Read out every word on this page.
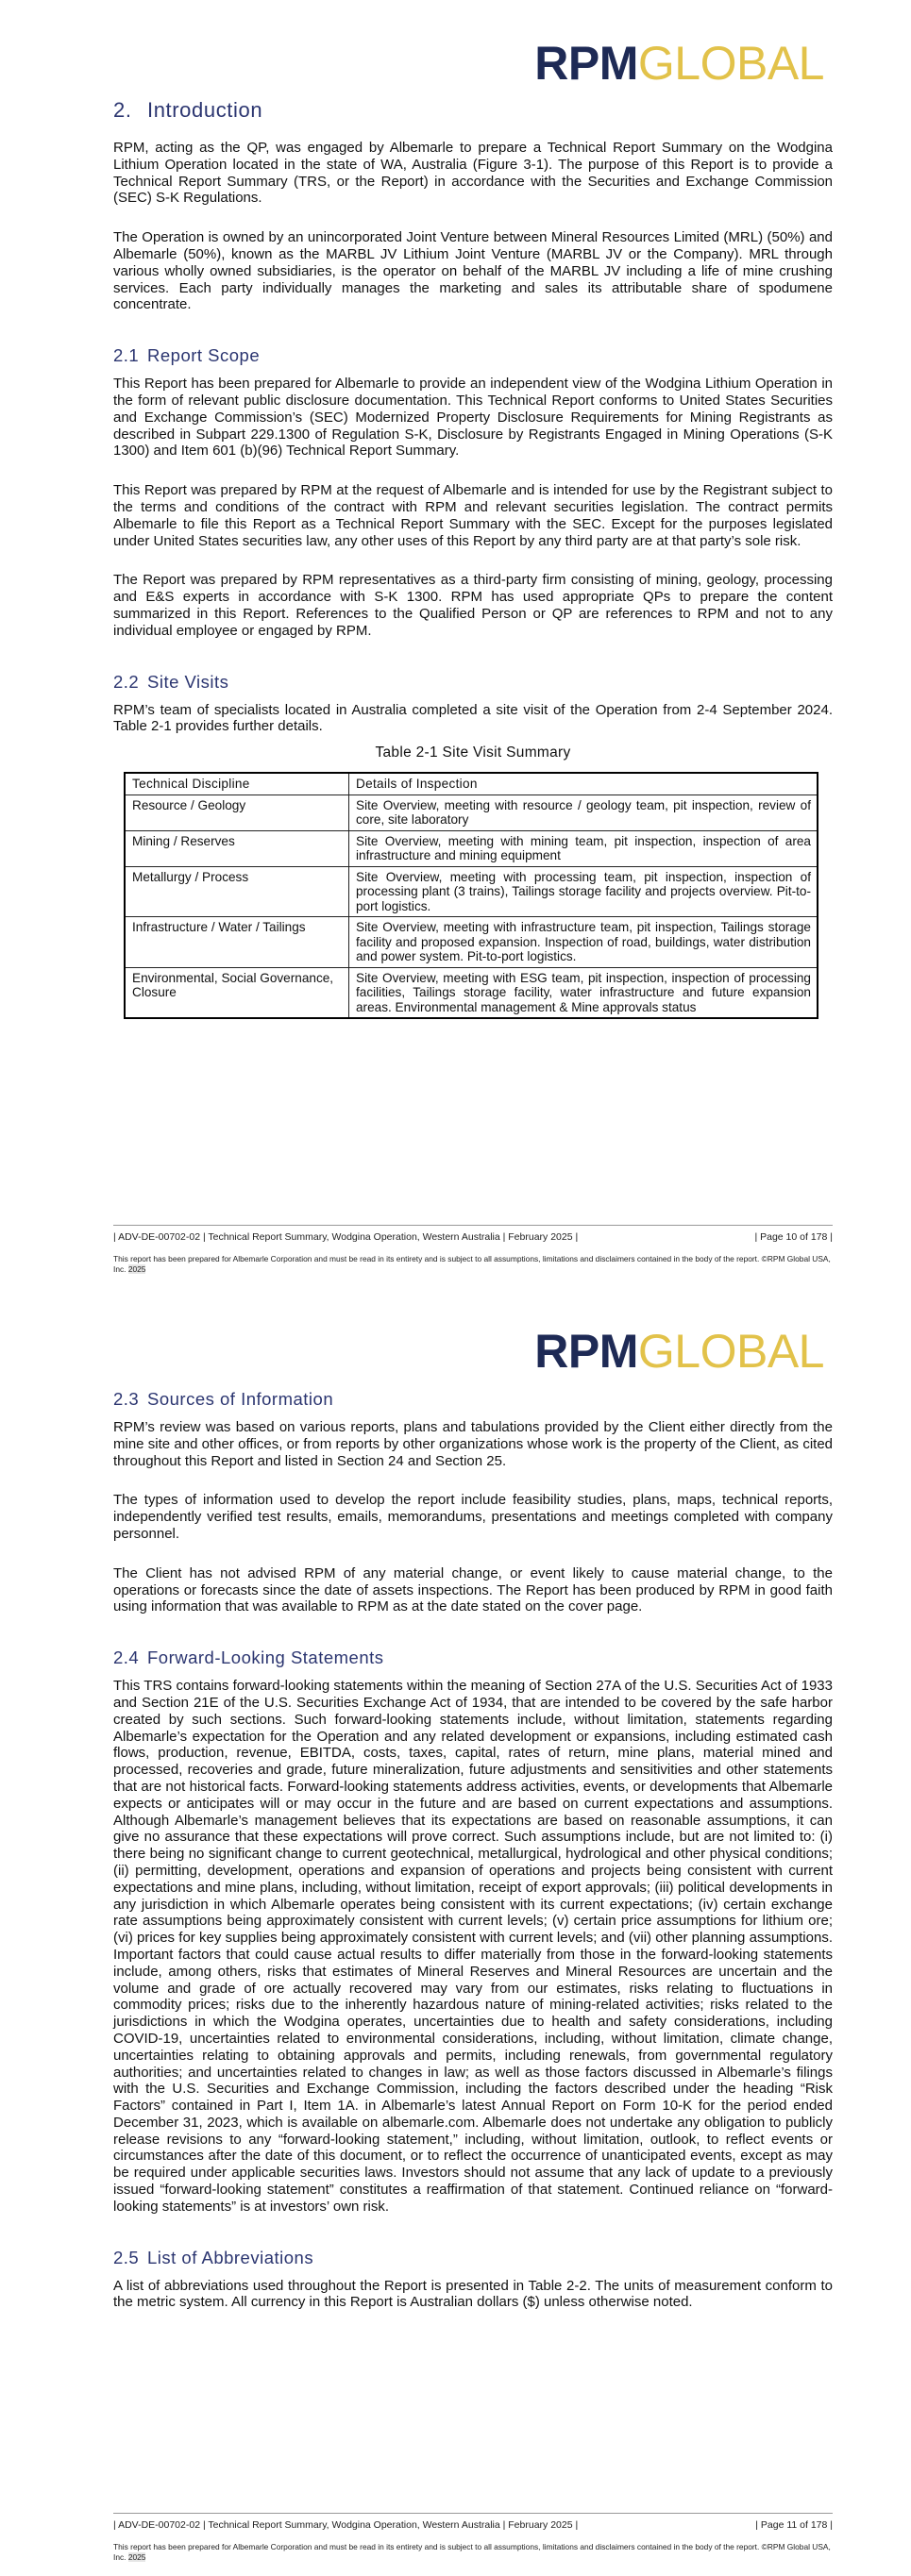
RPMGLOBAL
2. Introduction

RPM, acting as the QP, was engaged by Albemarle to prepare a Technical Report Summary on the Wodgina Lithium Operation located in the state of WA, Australia (Figure 3-1). The purpose of this Report is to provide a Technical Report Summary (TRS, or the Report) in accordance with the Securities and Exchange Commission (SEC) S-K Regulations.

The Operation is owned by an unincorporated Joint Venture between Mineral Resources Limited (MRL) (50%) and Albemarle (50%), known as the MARBL JV Lithium Joint Venture (MARBL JV or the Company). MRL through various wholly owned subsidiaries, is the operator on behalf of the MARBL JV including a life of mine crushing services. Each party individually manages the marketing and sales its attributable share of spodumene concentrate.

2.1 Report Scope

This Report has been prepared for Albemarle to provide an independent view of the Wodgina Lithium Operation in the form of relevant public disclosure documentation. This Technical Report conforms to United States Securities and Exchange Commission’s (SEC) Modernized Property Disclosure Requirements for Mining Registrants as described in Subpart 229.1300 of Regulation S-K, Disclosure by Registrants Engaged in Mining Operations (S-K 1300) and Item 601 (b)(96) Technical Report Summary.

This Report was prepared by RPM at the request of Albemarle and is intended for use by the Registrant subject to the terms and conditions of the contract with RPM and relevant securities legislation. The contract permits Albemarle to file this Report as a Technical Report Summary with the SEC. Except for the purposes legislated under United States securities law, any other uses of this Report by any third party are at that party’s sole risk.

The Report was prepared by RPM representatives as a third-party firm consisting of mining, geology, processing and E&S experts in accordance with S-K 1300. RPM has used appropriate QPs to prepare the content summarized in this Report. References to the Qualified Person or QP are references to RPM and not to any individual employee or engaged by RPM.

2.2 Site Visits

RPM’s team of specialists located in Australia completed a site visit of the Operation from 2-4 September 2024. Table 2-1 provides further details.

Table 2-1 Site Visit Summary
Technical Discipline	Details of Inspection
Resource / Geology	Site Overview, meeting with resource / geology team, pit inspection, review of core, site laboratory
Mining / Reserves	Site Overview, meeting with mining team, pit inspection, inspection of area infrastructure and mining equipment
Metallurgy / Process	Site Overview, meeting with processing team, pit inspection, inspection of processing plant (3 trains), Tailings storage facility and projects overview. Pit-to-port logistics.
Infrastructure / Water / Tailings	Site Overview, meeting with infrastructure team, pit inspection, Tailings storage facility and proposed expansion. Inspection of road, buildings, water distribution and power system. Pit-to-port logistics.
Environmental, Social Governance, Closure	Site Overview, meeting with ESG team, pit inspection, inspection of processing facilities, Tailings storage facility, water infrastructure and future expansion areas. Environmental management & Mine approvals status
| ADV-DE-00702-02 | Technical Report Summary, Wodgina Operation, Western Australia | February 2025 |	| Page 10 of 178 |
This report has been prepared for Albemarle Corporation and must be read in its entirety and is subject to all assumptions, limitations and disclaimers contained in the body of the report. ©RPM Global USA, Inc. 2025
RPMGLOBAL
2.3 Sources of Information

RPM’s review was based on various reports, plans and tabulations provided by the Client either directly from the mine site and other offices, or from reports by other organizations whose work is the property of the Client, as cited throughout this Report and listed in Section 24 and Section 25.

The types of information used to develop the report include feasibility studies, plans, maps, technical reports, independently verified test results, emails, memorandums, presentations and meetings completed with company personnel.

The Client has not advised RPM of any material change, or event likely to cause material change, to the operations or forecasts since the date of assets inspections. The Report has been produced by RPM in good faith using information that was available to RPM as at the date stated on the cover page.

2.4 Forward-Looking Statements

This TRS contains forward-looking statements within the meaning of Section 27A of the U.S. Securities Act of 1933 and Section 21E of the U.S. Securities Exchange Act of 1934, that are intended to be covered by the safe harbor created by such sections. Such forward-looking statements include, without limitation, statements regarding Albemarle’s expectation for the Operation and any related development or expansions, including estimated cash flows, production, revenue, EBITDA, costs, taxes, capital, rates of return, mine plans, material mined and processed, recoveries and grade, future mineralization, future adjustments and sensitivities and other statements that are not historical facts. Forward-looking statements address activities, events, or developments that Albemarle expects or anticipates will or may occur in the future and are based on current expectations and assumptions. Although Albemarle’s management believes that its expectations are based on reasonable assumptions, it can give no assurance that these expectations will prove correct. Such assumptions include, but are not limited to: (i) there being no significant change to current geotechnical, metallurgical, hydrological and other physical conditions; (ii) permitting, development, operations and expansion of operations and projects being consistent with current expectations and mine plans, including, without limitation, receipt of export approvals; (iii) political developments in any jurisdiction in which Albemarle operates being consistent with its current expectations; (iv) certain exchange rate assumptions being approximately consistent with current levels; (v) certain price assumptions for lithium ore; (vi) prices for key supplies being approximately consistent with current levels; and (vii) other planning assumptions. Important factors that could cause actual results to differ materially from those in the forward-looking statements include, among others, risks that estimates of Mineral Reserves and Mineral Resources are uncertain and the volume and grade of ore actually recovered may vary from our estimates, risks relating to fluctuations in commodity prices; risks due to the inherently hazardous nature of mining-related activities; risks related to the jurisdictions in which the Wodgina operates, uncertainties due to health and safety considerations, including COVID-19, uncertainties related to environmental considerations, including, without limitation, climate change, uncertainties relating to obtaining approvals and permits, including renewals, from governmental regulatory authorities; and uncertainties related to changes in law; as well as those factors discussed in Albemarle’s filings with the U.S. Securities and Exchange Commission, including the factors described under the heading “Risk Factors” contained in Part I, Item 1A. in Albemarle’s latest Annual Report on Form 10-K for the period ended December 31, 2023, which is available on albemarle.com. Albemarle does not undertake any obligation to publicly release revisions to any “forward-looking statement,” including, without limitation, outlook, to reflect events or circumstances after the date of this document, or to reflect the occurrence of unanticipated events, except as may be required under applicable securities laws. Investors should not assume that any lack of update to a previously issued “forward-looking statement” constitutes a reaffirmation of that statement. Continued reliance on “forward-looking statements” is at investors’ own risk.

2.5 List of Abbreviations

A list of abbreviations used throughout the Report is presented in Table 2-2. The units of measurement conform to the metric system. All currency in this Report is Australian dollars ($) unless otherwise noted.

| ADV-DE-00702-02 | Technical Report Summary, Wodgina Operation, Western Australia | February 2025 |	| Page 11 of 178 |
This report has been prepared for Albemarle Corporation and must be read in its entirety and is subject to all assumptions, limitations and disclaimers contained in the body of the report. ©RPM Global USA, Inc. 2025
